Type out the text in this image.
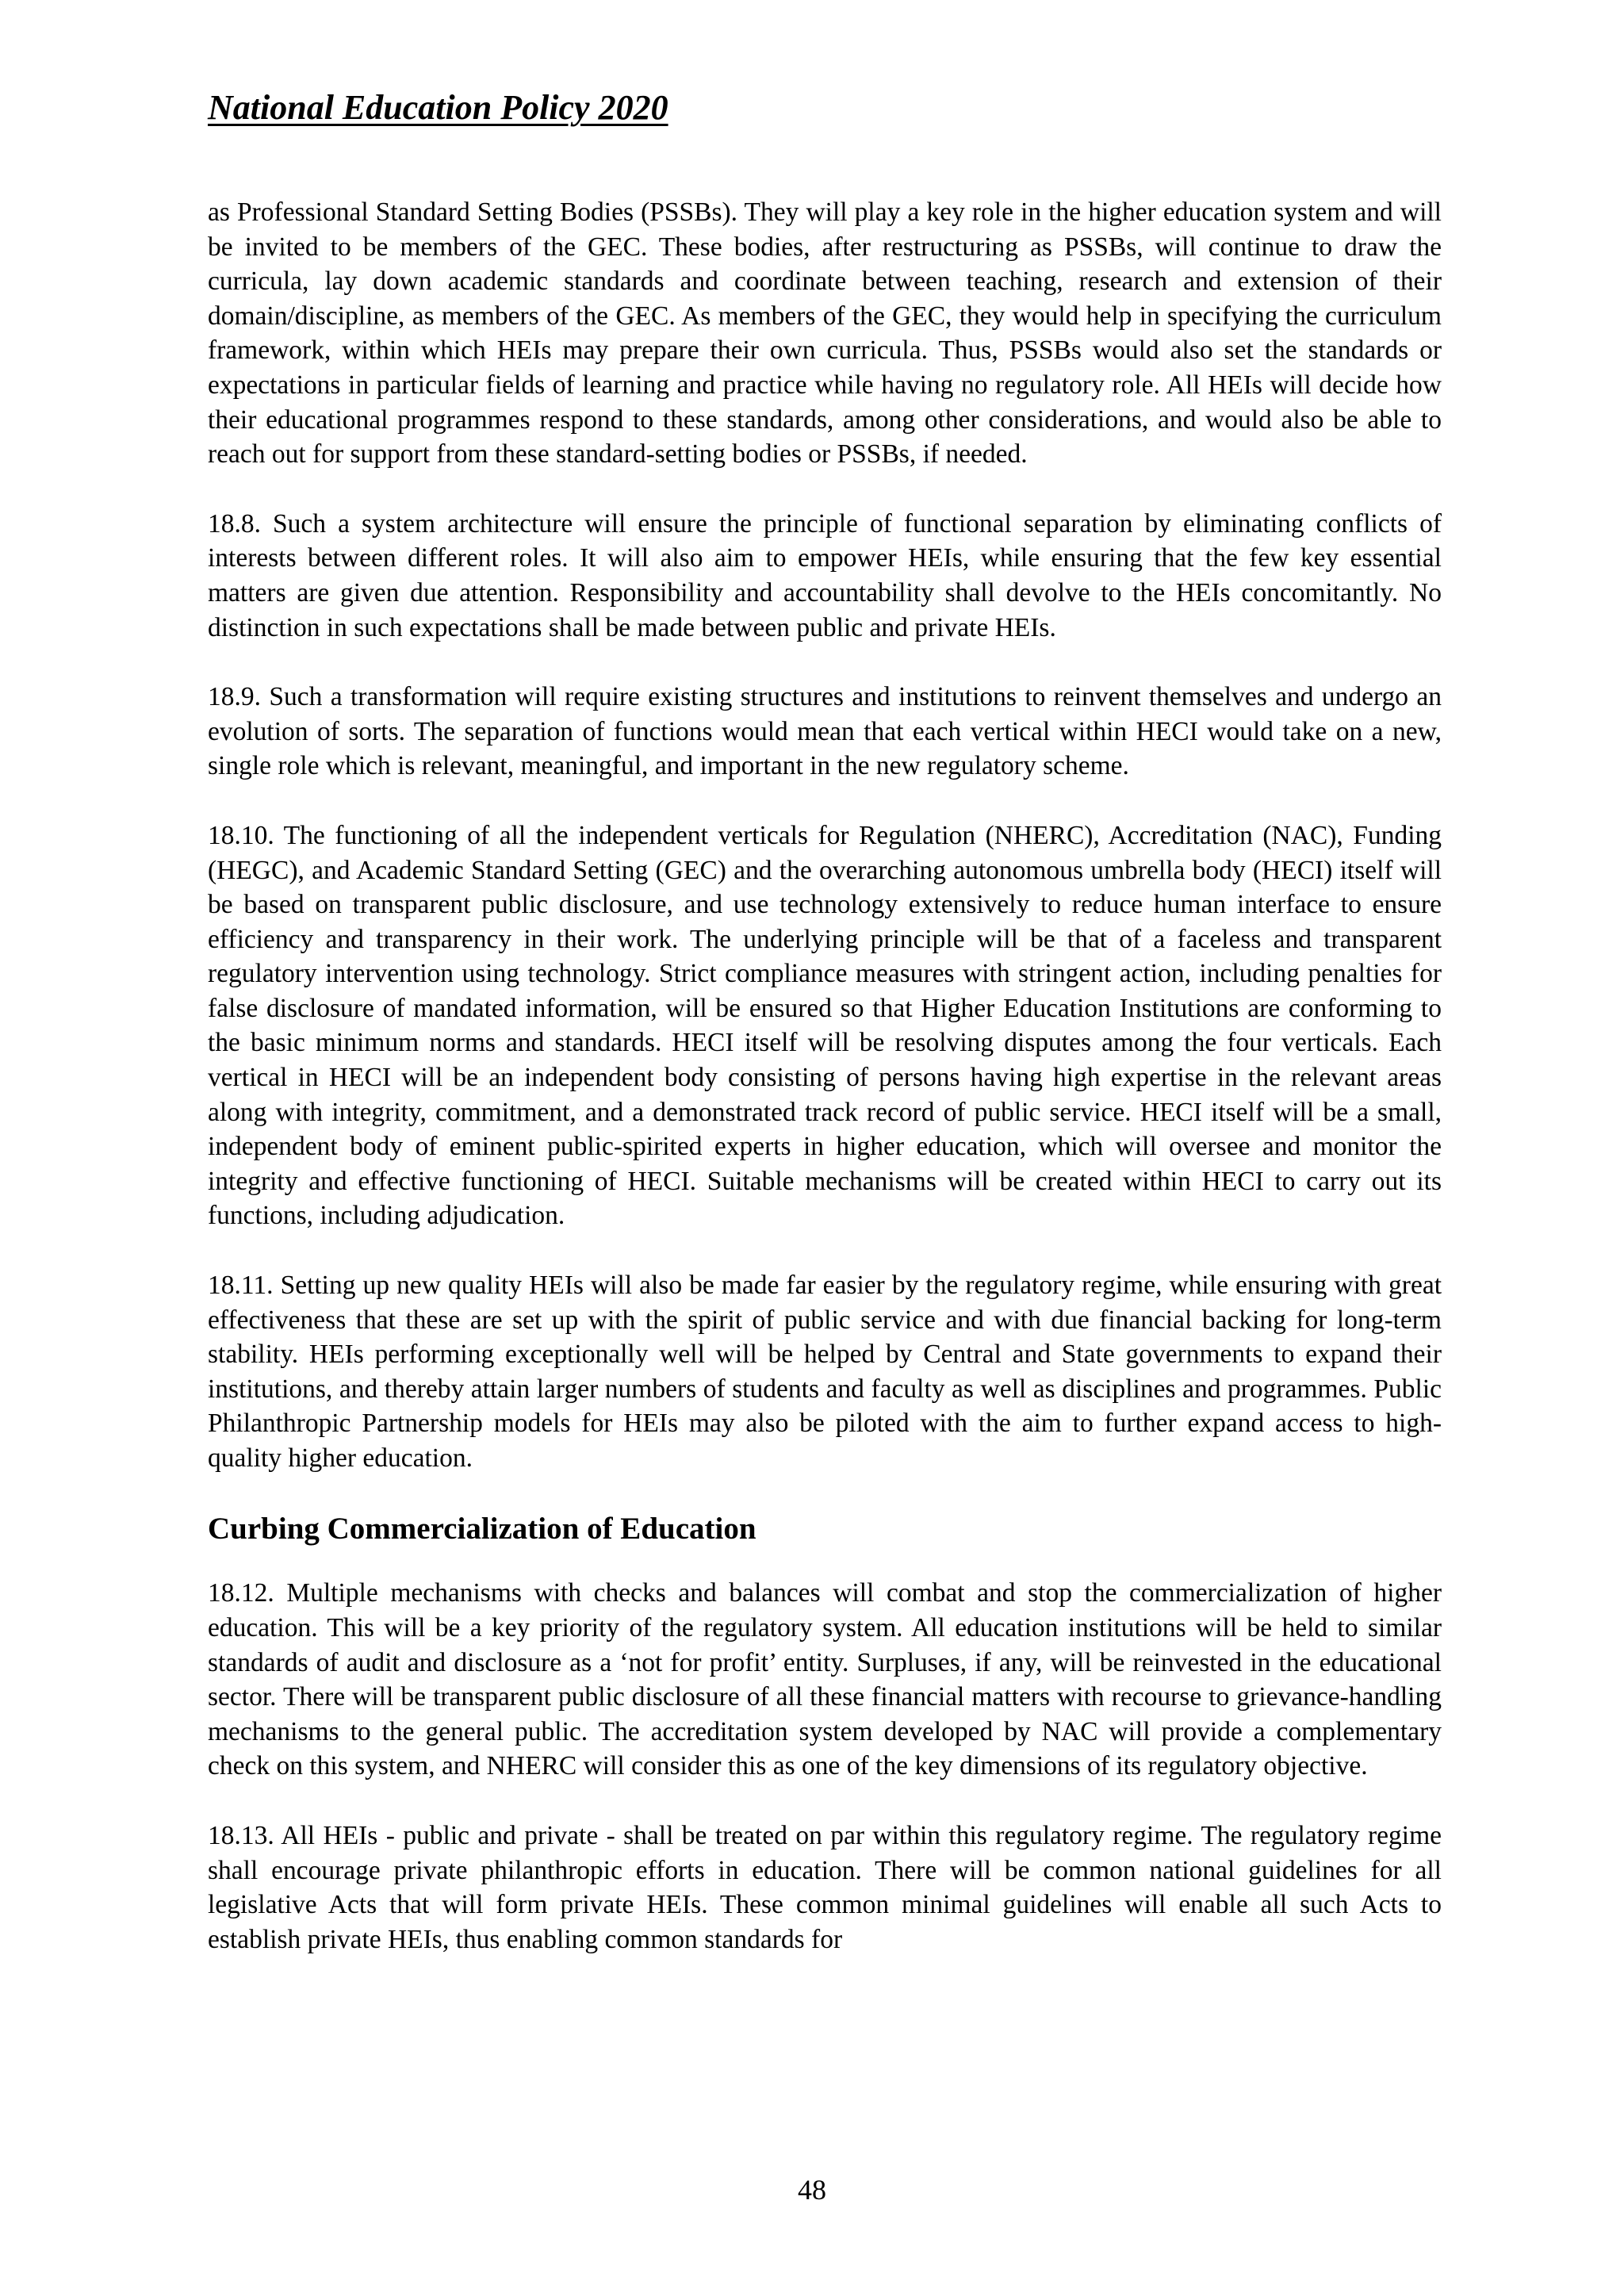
National Education Policy 2020

as Professional Standard Setting Bodies (PSSBs). They will play a key role in the higher education system and will be invited to be members of the GEC. These bodies, after restructuring as PSSBs, will continue to draw the curricula, lay down academic standards and coordinate between teaching, research and extension of their domain/discipline, as members of the GEC. As members of the GEC, they would help in specifying the curriculum framework, within which HEIs may prepare their own curricula. Thus, PSSBs would also set the standards or expectations in particular fields of learning and practice while having no regulatory role. All HEIs will decide how their educational programmes respond to these standards, among other considerations, and would also be able to reach out for support from these standard-setting bodies or PSSBs, if needed.

18.8. Such a system architecture will ensure the principle of functional separation by eliminating conflicts of interests between different roles. It will also aim to empower HEIs, while ensuring that the few key essential matters are given due attention. Responsibility and accountability shall devolve to the HEIs concomitantly. No distinction in such expectations shall be made between public and private HEIs.

18.9. Such a transformation will require existing structures and institutions to reinvent themselves and undergo an evolution of sorts. The separation of functions would mean that each vertical within HECI would take on a new, single role which is relevant, meaningful, and important in the new regulatory scheme.

18.10. The functioning of all the independent verticals for Regulation (NHERC), Accreditation (NAC), Funding (HEGC), and Academic Standard Setting (GEC) and the overarching autonomous umbrella body (HECI) itself will be based on transparent public disclosure, and use technology extensively to reduce human interface to ensure efficiency and transparency in their work. The underlying principle will be that of a faceless and transparent regulatory intervention using technology. Strict compliance measures with stringent action, including penalties for false disclosure of mandated information, will be ensured so that Higher Education Institutions are conforming to the basic minimum norms and standards. HECI itself will be resolving disputes among the four verticals. Each vertical in HECI will be an independent body consisting of persons having high expertise in the relevant areas along with integrity, commitment, and a demonstrated track record of public service. HECI itself will be a small, independent body of eminent public-spirited experts in higher education, which will oversee and monitor the integrity and effective functioning of HECI. Suitable mechanisms will be created within HECI to carry out its functions, including adjudication.

18.11. Setting up new quality HEIs will also be made far easier by the regulatory regime, while ensuring with great effectiveness that these are set up with the spirit of public service and with due financial backing for long-term stability. HEIs performing exceptionally well will be helped by Central and State governments to expand their institutions, and thereby attain larger numbers of students and faculty as well as disciplines and programmes. Public Philanthropic Partnership models for HEIs may also be piloted with the aim to further expand access to high-quality higher education.

Curbing Commercialization of Education

18.12. Multiple mechanisms with checks and balances will combat and stop the commercialization of higher education. This will be a key priority of the regulatory system. All education institutions will be held to similar standards of audit and disclosure as a ‘not for profit’ entity. Surpluses, if any, will be reinvested in the educational sector. There will be transparent public disclosure of all these financial matters with recourse to grievance-handling mechanisms to the general public. The accreditation system developed by NAC will provide a complementary check on this system, and NHERC will consider this as one of the key dimensions of its regulatory objective.

18.13. All HEIs - public and private - shall be treated on par within this regulatory regime. The regulatory regime shall encourage private philanthropic efforts in education. There will be common national guidelines for all legislative Acts that will form private HEIs. These common minimal guidelines will enable all such Acts to establish private HEIs, thus enabling common standards for

48
